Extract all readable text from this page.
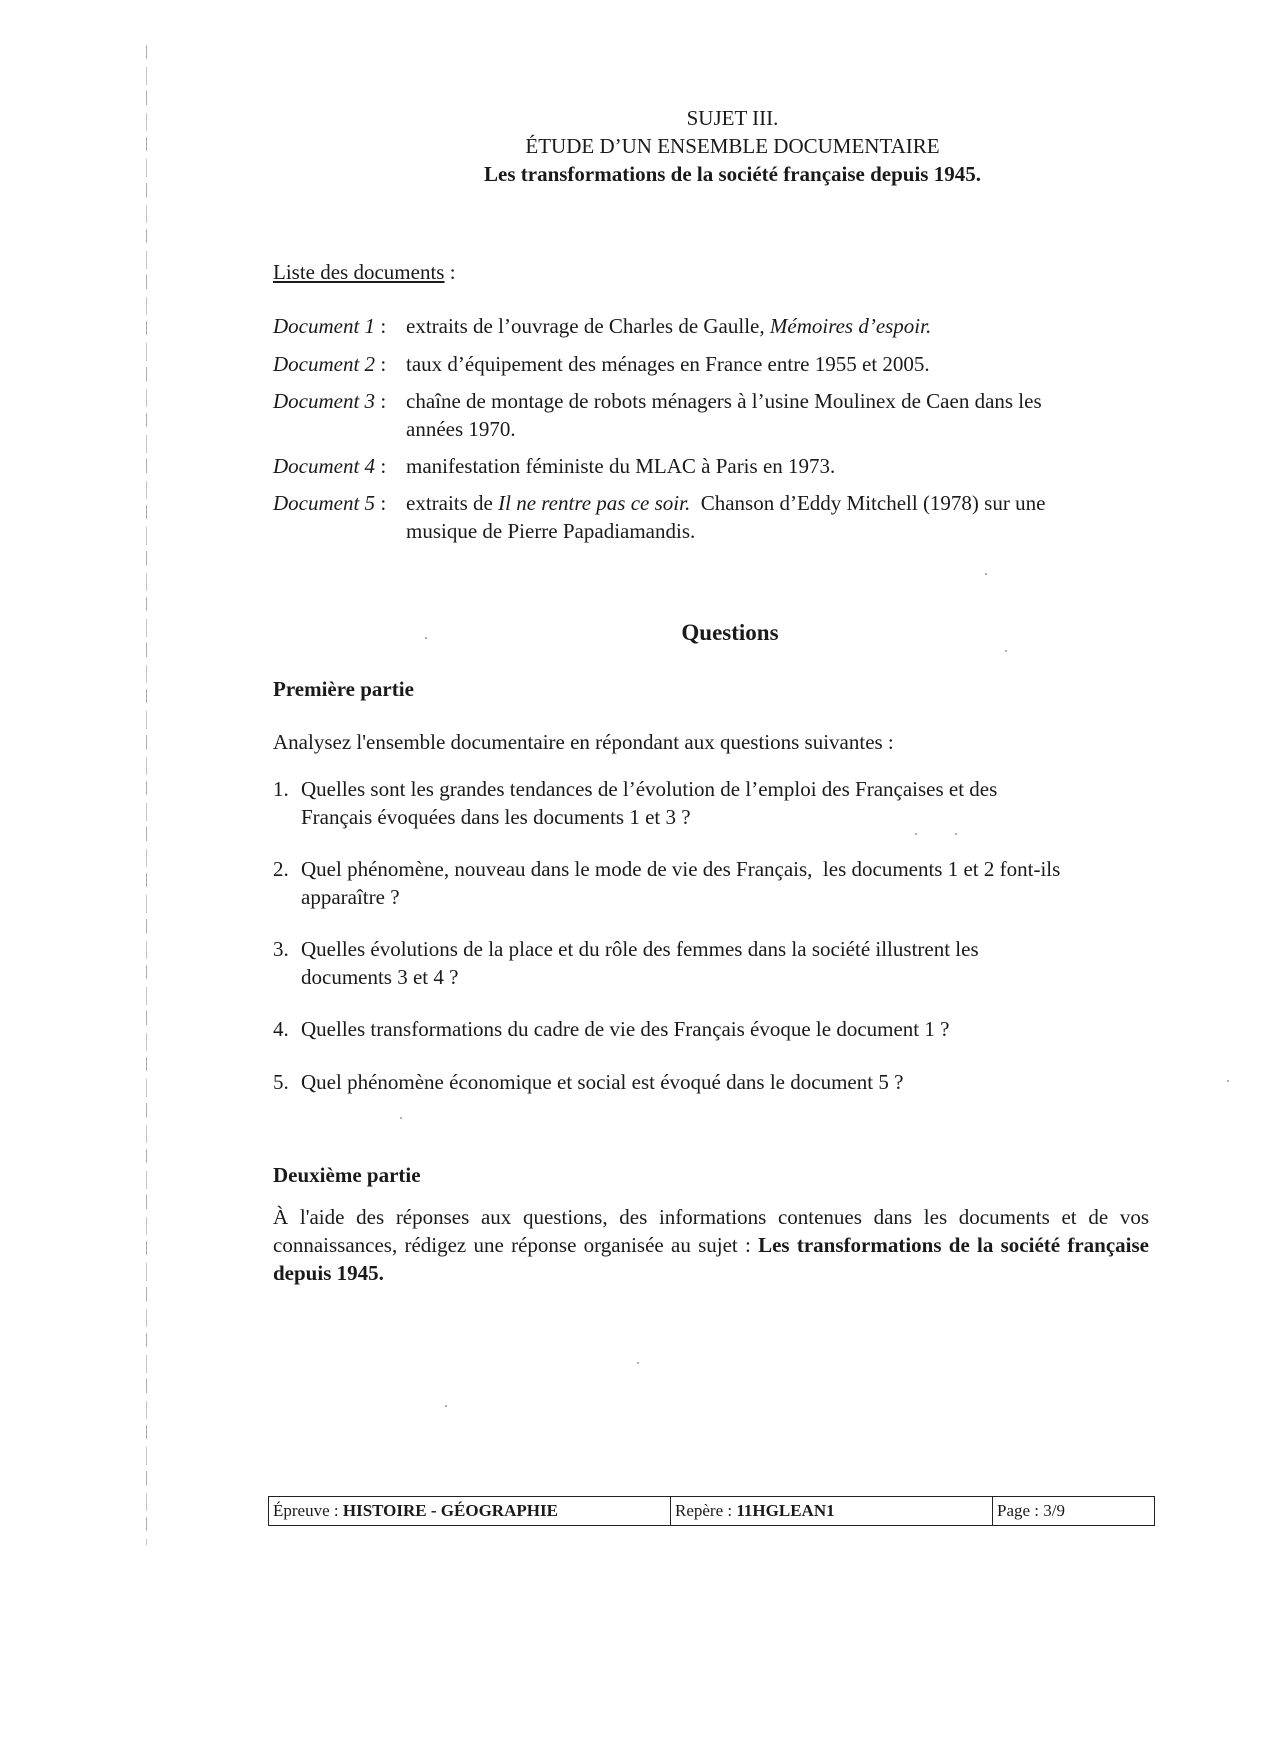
SUJET III.
ÉTUDE D’UN ENSEMBLE DOCUMENTAIRE
Les transformations de la société française depuis 1945.
Liste des documents :
Document 1 : extraits de l’ouvrage de Charles de Gaulle, Mémoires d’espoir.
Document 2 : taux d’équipement des ménages en France entre 1955 et 2005.
Document 3 : chaîne de montage de robots ménagers à l’usine Moulinex de Caen dans les
années 1970.
Document 4 : manifestation féministe du MLAC à Paris en 1973.
Document 5 : extraits de Il ne rentre pas ce soir.  Chanson d’Eddy Mitchell (1978) sur une
musique de Pierre Papadiamandis.
Questions
Première partie
Analysez l'ensemble documentaire en répondant aux questions suivantes :
1. Quelles sont les grandes tendances de l’évolution de l’emploi des Françaises et des
Français évoquées dans les documents 1 et 3 ?
2. Quel phénomène, nouveau dans le mode de vie des Français,  les documents 1 et 2 font-ils
apparaître ?
3. Quelles évolutions de la place et du rôle des femmes dans la société illustrent les
documents 3 et 4 ?
4. Quelles transformations du cadre de vie des Français évoque le document 1 ?
5. Quel phénomène économique et social est évoqué dans le document 5 ?
Deuxième partie
À l'aide des réponses aux questions, des informations contenues dans les documents et de vos connaissances, rédigez une réponse organisée au sujet : Les transformations de la société française depuis 1945.
Épreuve : HISTOIRE - GÉOGRAPHIE	Repère : 11HGLEAN1	Page : 3/9
